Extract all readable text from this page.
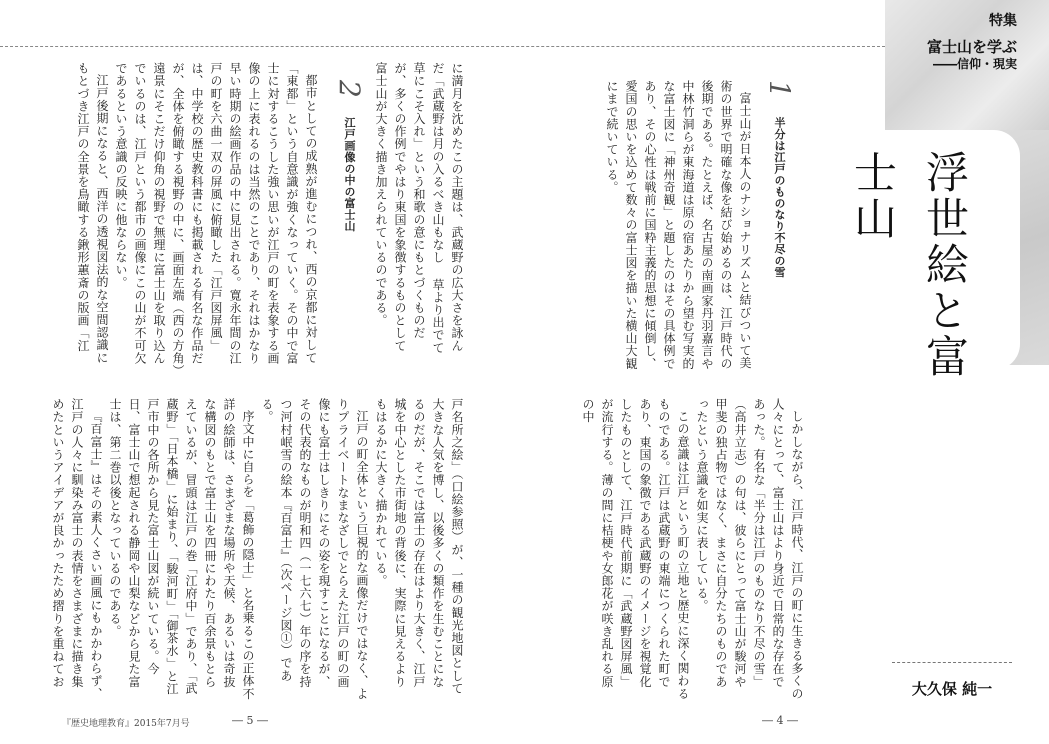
特集
富士山を学ぶ
――信仰・現実
浮世絵と富士山
大久保 純一
1 半分は江戸のものなり不尽の雪

富士山が日本人のナショナリズムと結びついて美術の世界で明確な像を結び始めるのは、江戸時代の後期である。たとえば、名古屋の南画家丹羽嘉言や中林竹洞らが東海道は原の宿あたりから望む写実的な富士図に「神州奇観」と題したのはその具体例であり、その心性は戦前に国粋主義的思想に傾倒し、愛国の思いを込めて数々の富士図を描いた横山大観にまで続いている。

しかしながら、江戸時代、江戸の町に生きる多くの人々にとって、富士山はより身近で日常的な存在であった。有名な「半分は江戸のものなり不尽の雪」（高井立志）の句は、彼らにとって富士山が駿河や甲斐の独占物ではなく、まさに自分たちのものであったという意識を如実に表している。

この意識は江戸という町の立地と歴史に深く関わるものである。江戸は武蔵野の東端につくられた町であり、東国の象徴である武蔵野のイメージを視覚化したものとして、江戸時代前期に「武蔵野図屏風」が流行する。薄の間に桔梗や女郎花が咲き乱れる原の中

に満月を沈めたこの主題は、武蔵野の広大さを詠んだ「武蔵野は月の入るべき山もなし 草より出でて草にこそ入れ」という和歌の意にもとづくものだが、多くの作例でやはり東国を象徴するものとして富士山が大きく描き加えられているのである。

2 江戸画像の中の富士山

都市としての成熟が進むにつれ、西の京都に対して「東都」という自意識が強くなっていく。その中で富士に対するこうした強い思いが江戸の町を表象する画像の上に表れるのは当然のことであり、それはかなり早い時期の絵画作品の中に見出される。寛永年間の江戸の町を六曲一双の屏風に俯瞰した「江戸図屏風」は、中学校の歴史教科書にも掲載される有名な作品だが、全体を俯瞰する視野の中に、画面左端（西の方角）遠景にそこだけ仰角の視野で無理に富士山を取り込んでいるのは、江戸という都市の画像にこの山が不可欠であるという意識の反映に他ならない。

江戸後期になると、西洋の透視図法的な空間認識にもとづき江戸の全景を鳥瞰する鍬形蕙斎の版画「江

戸名所之絵」（口絵参照）が、一種の観光地図として大きな人気を博し、以後多くの類作を生むことになるのだが、そこでは富士の存在はより大きく、江戸城を中心とした市街地の背後に、実際に見えるよりもはるかに大きく描かれている。

江戸の町全体という巨視的な画像だけではなく、よりプライベートなまなざしでとらえた江戸の町の画像にも富士はしきりにその姿を現すことになるが、その代表的なものが明和四（一七六七）年の序を持つ河村岷雪の絵本『百富士』（次ページ図①）である。

序文中に自らを「葛飾の隠士」と名乗るこの正体不詳の絵師は、さまざまな場所や天候、あるいは奇抜な構図のもとで富士山を四冊にわたり百余景もとらえているが、冒頭は江戸の巻「江府中」であり、「武蔵野」「日本橋」に始まり、「駿河町」「御茶水」と江戸市中の各所から見た富士山図が続いている。今日、富士山で想起される静岡や山梨などから見た富士は、第二巻以後となっているのである。

『百富士』はその素人くさい画風にもかかわらず、江戸の人々に馴染み富士の表情をさまざまに描き集めたというアイデアが良かったため摺りを重ねてお

『歴史地理教育』2015年7月号	― 5 ―	― 4 ―
